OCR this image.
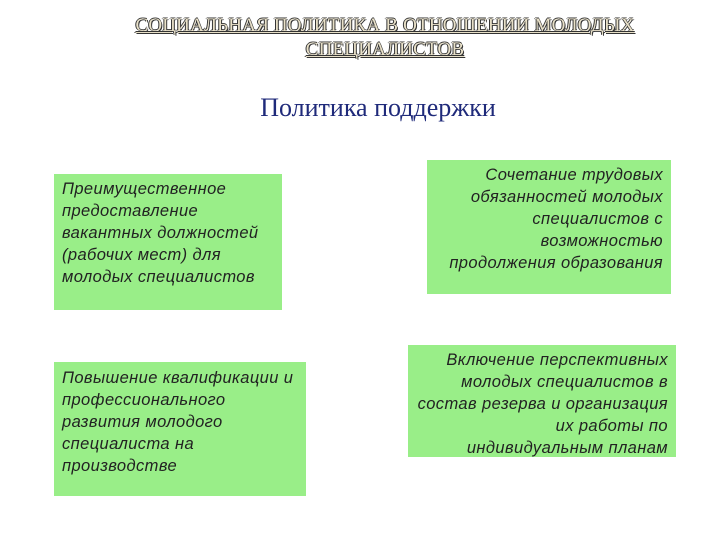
СОЦИАЛЬНАЯ ПОЛИТИКА В ОТНОШЕНИИ МОЛОДЫХ СПЕЦИАЛИСТОВ
Политика поддержки
Преимущественное предоставление вакантных должностей (рабочих мест) для молодых специалистов
Сочетание трудовых обязанностей молодых специалистов с возможностью продолжения образования
Повышение квалификации и профессионального развития молодого специалиста на производстве
Включение перспективных молодых специалистов в состав резерва и организация их работы по индивидуальным планам
